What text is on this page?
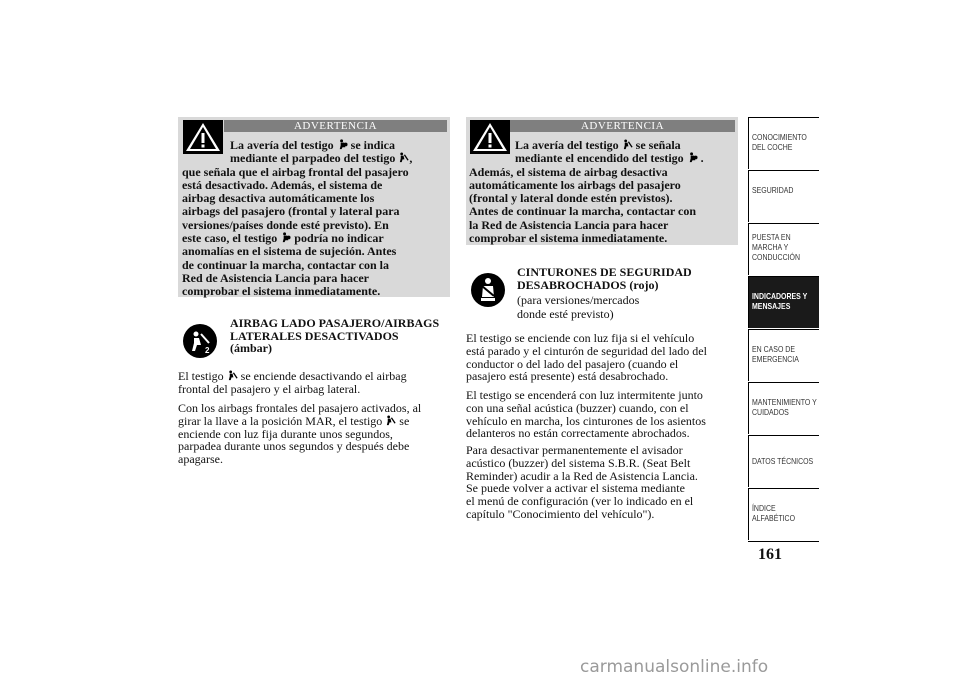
ADVERTENCIA
La avería del testigo se indica
mediante el parpadeo del testigo ,
que señala que el airbag frontal del pasajero
está desactivado. Además, el sistema de
airbag desactiva automáticamente los
airbags del pasajero (frontal y lateral para
versiones/países donde esté previsto). En
este caso, el testigo podría no indicar
anomalías en el sistema de sujeción. Antes
de continuar la marcha, contactar con la
Red de Asistencia Lancia para hacer
comprobar el sistema inmediatamente.
2
AIRBAG LADO PASAJERO/AIRBAGS
LATERALES DESACTIVADOS
(ámbar)
El testigo se enciende desactivando el airbag
frontal del pasajero y el airbag lateral.
Con los airbags frontales del pasajero activados, al
girar la llave a la posición MAR, el testigo se
enciende con luz fija durante unos segundos,
parpadea durante unos segundos y después debe
apagarse.
ADVERTENCIA
La avería del testigo se señala
mediante el encendido del testigo .
Además, el sistema de airbag desactiva
automáticamente los airbags del pasajero
(frontal y lateral donde estén previstos).
Antes de continuar la marcha, contactar con
la Red de Asistencia Lancia para hacer
comprobar el sistema inmediatamente.
CINTURONES DE SEGURIDAD
DESABROCHADOS (rojo)
(para versiones/mercados
donde esté previsto)
El testigo se enciende con luz fija si el vehículo
está parado y el cinturón de seguridad del lado del
conductor o del lado del pasajero (cuando el
pasajero está presente) está desabrochado.
El testigo se encenderá con luz intermitente junto
con una señal acústica (buzzer) cuando, con el
vehículo en marcha, los cinturones de los asientos
delanteros no están correctamente abrochados.
Para desactivar permanentemente el avisador
acústico (buzzer) del sistema S.B.R. (Seat Belt
Reminder) acudir a la Red de Asistencia Lancia.
Se puede volver a activar el sistema mediante
el menú de configuración (ver lo indicado en el
capítulo "Conocimiento del vehículo").
CONOCIMIENTO
DEL COCHE
SEGURIDAD
PUESTA EN
MARCHA Y
CONDUCCIÓN
INDICADORES Y
MENSAJES
EN CASO DE
EMERGENCIA
MANTENIMIENTO Y
CUIDADOS
DATOS TÉCNICOS
ÍNDICE
ALFABÉTICO
161
carmanualsonline.info
